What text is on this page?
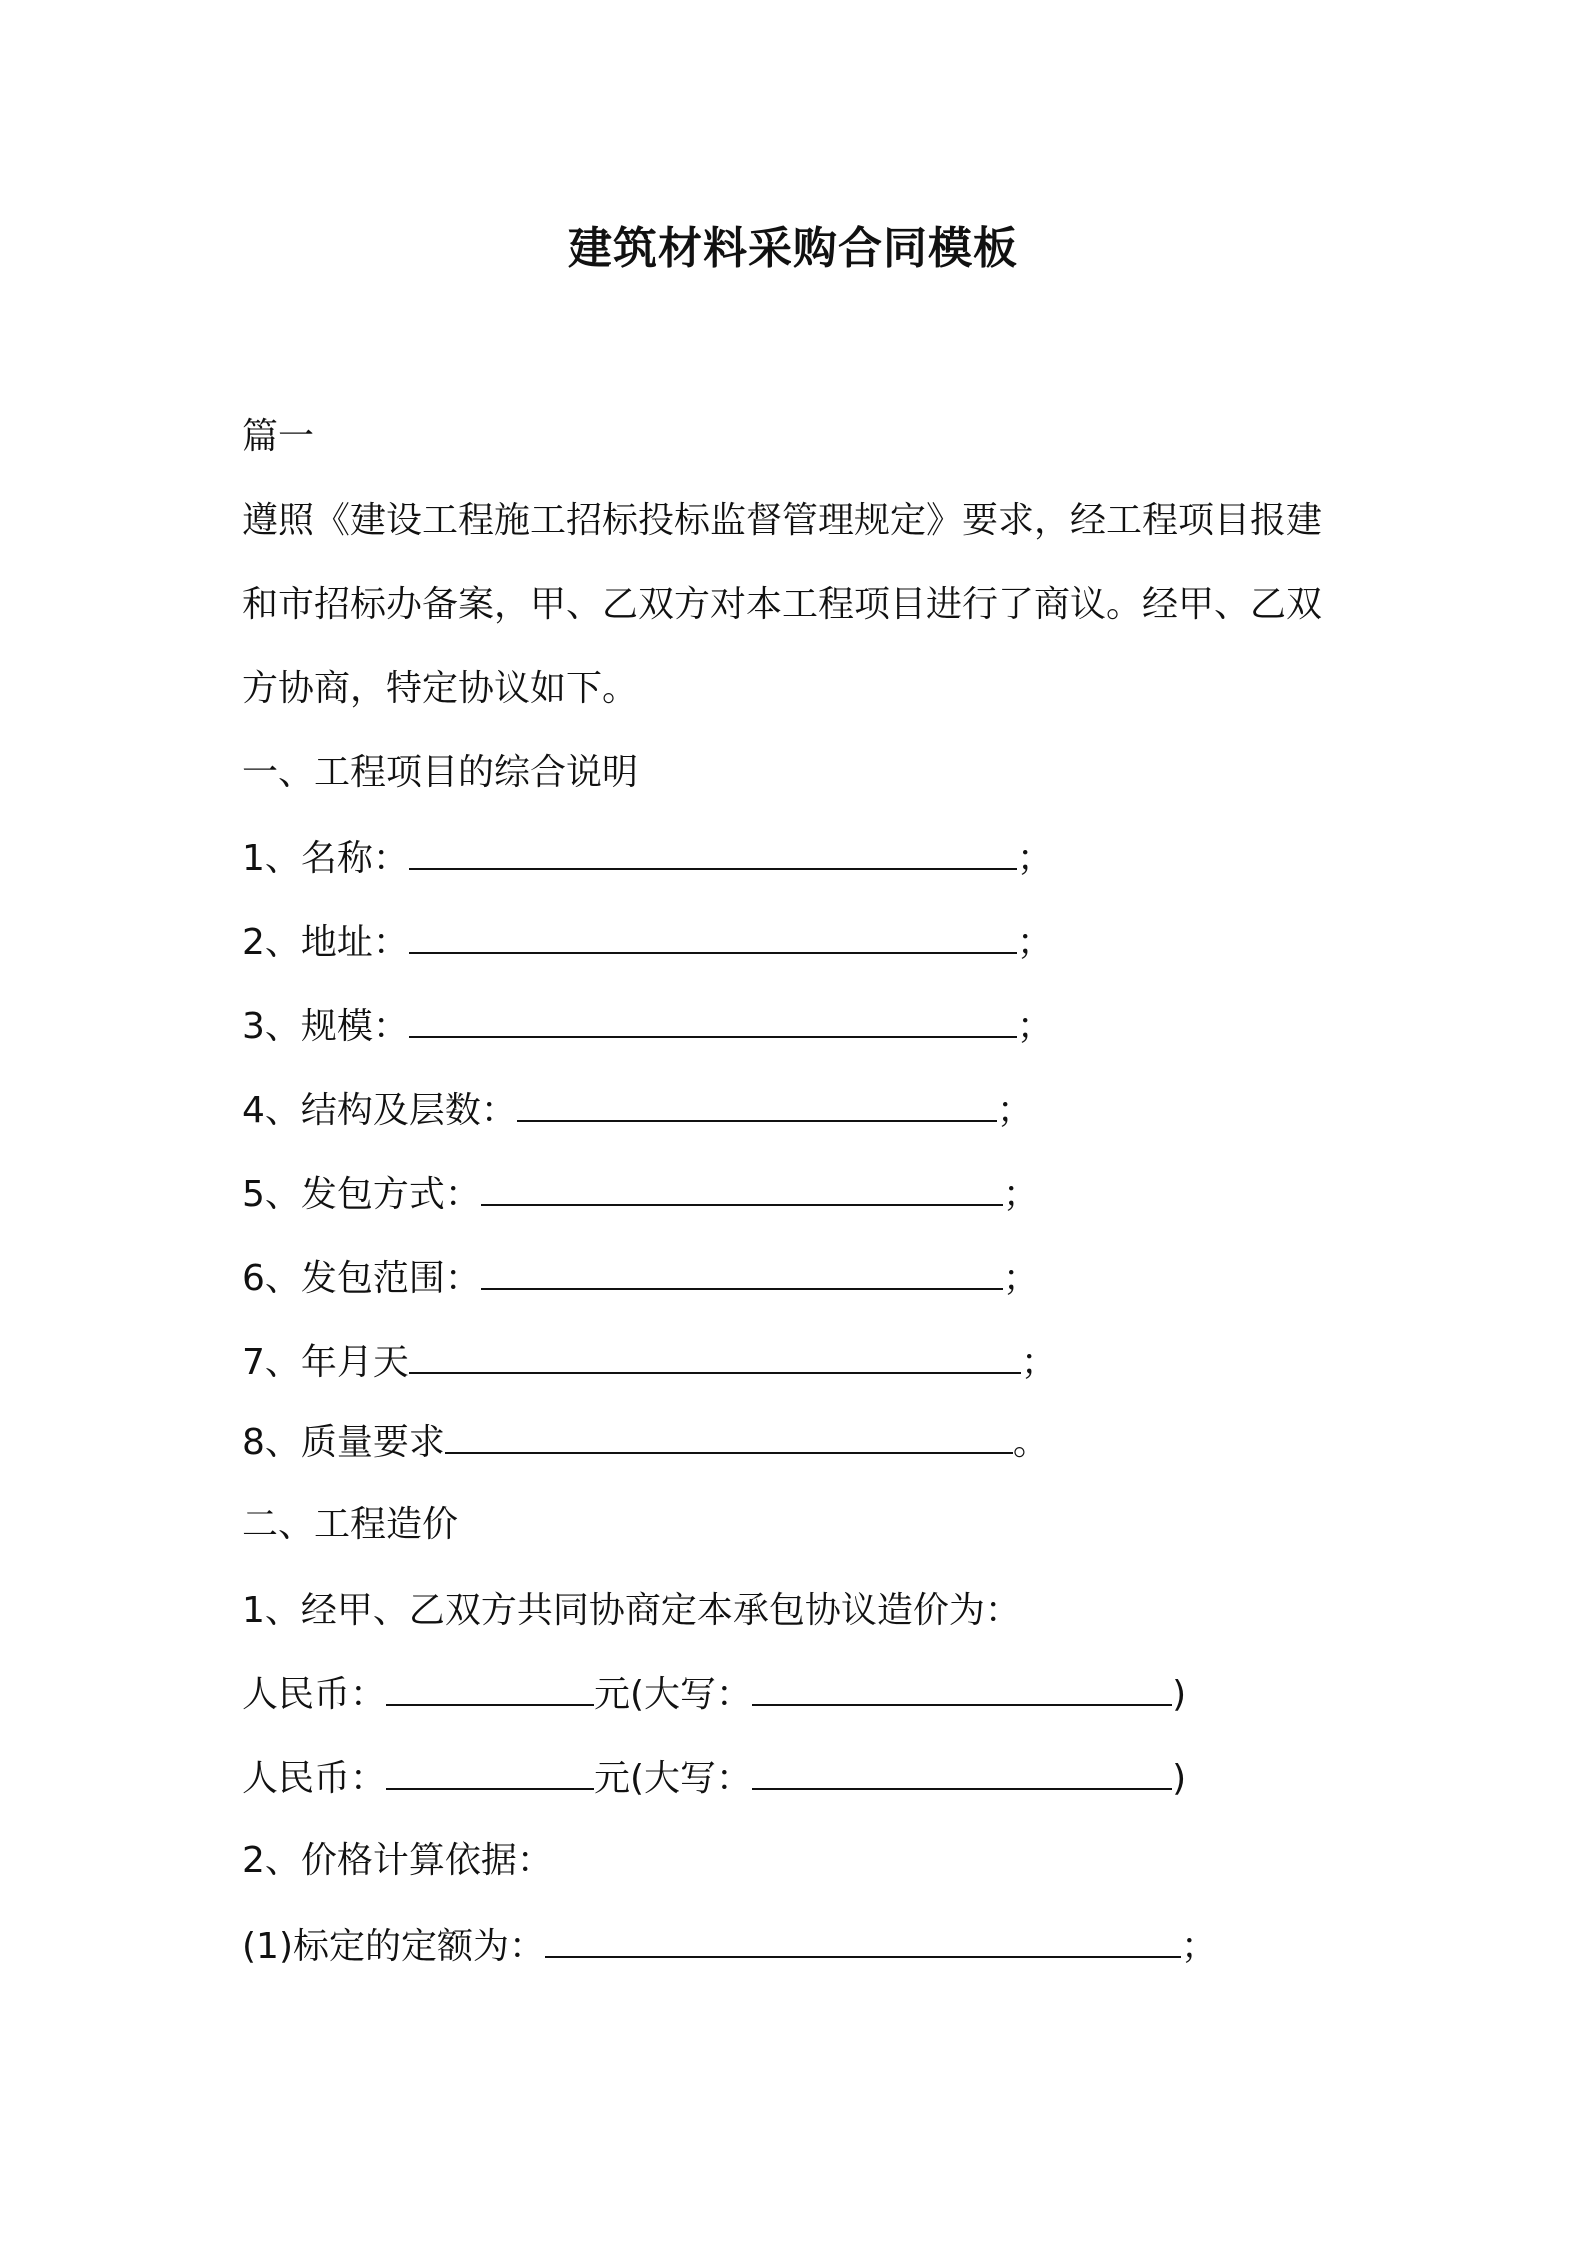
建筑材料采购合同模板
篇一
遵照《建设工程施工招标投标监督管理规定》要求，经工程项目报建
和市招标办备案，甲、乙双方对本工程项目进行了商议。经甲、乙双
方协商，特定协议如下。
一、工程项目的综合说明
1、名称：	；
2、地址：	；
3、规模：	；
4、结构及层数：	；
5、发包方式：	；
6、发包范围：	；
7、年月天	；
8、质量要求	。
二、工程造价
1、经甲、乙双方共同协商定本承包协议造价为：
人民币：	元(大写：	)
人民币：	元(大写：	)
2、价格计算依据：
(1)标定的定额为：	；
